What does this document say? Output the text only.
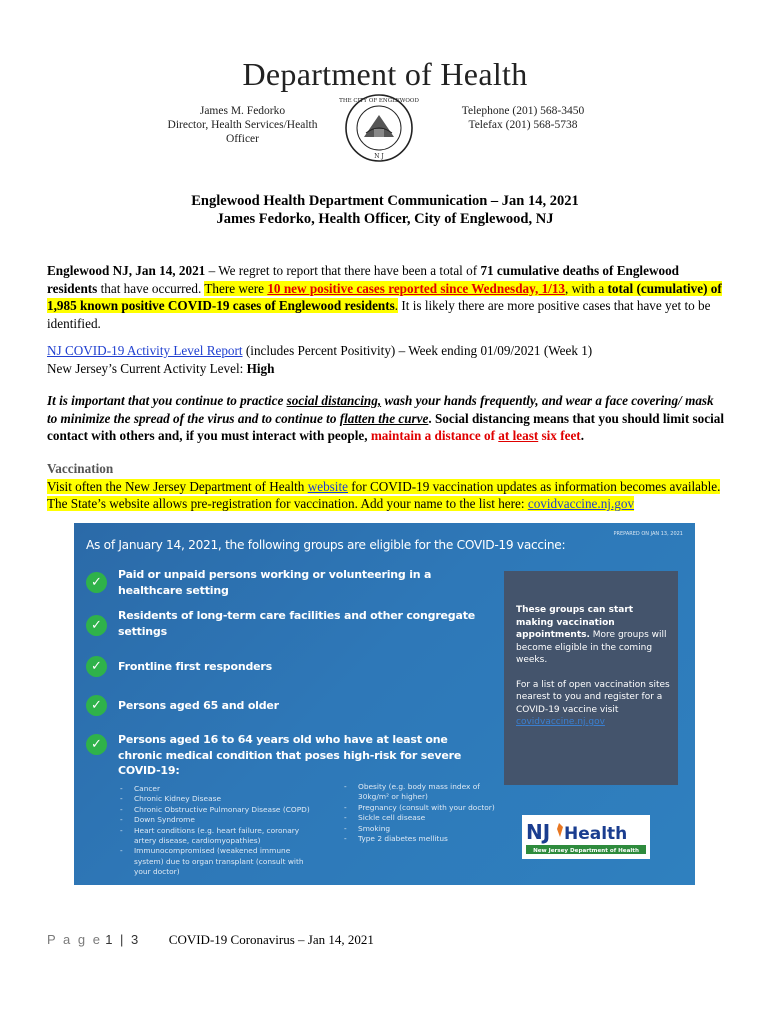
Department of Health
James M. Fedorko
Director, Health Services/Health Officer
THE CITY OF ENGLEWOOD
N J
Telephone (201) 568-3450
Telefax (201) 568-5738
Englewood Health Department Communication – Jan 14, 2021
James Fedorko, Health Officer, City of Englewood, NJ
Englewood NJ, Jan 14, 2021 – We regret to report that there have been a total of 71 cumulative deaths of Englewood residents that have occurred. There were 10 new positive cases reported since Wednesday, 1/13, with a total (cumulative) of 1,985 known positive COVID-19 cases of Englewood residents. It is likely there are more positive cases that have yet to be identified.
NJ COVID-19 Activity Level Report (includes Percent Positivity) – Week ending 01/09/2021 (Week 1)
New Jersey’s Current Activity Level: High
It is important that you continue to practice social distancing, wash your hands frequently, and wear a face covering/ mask to minimize the spread of the virus and to continue to flatten the curve. Social distancing means that you should limit social contact with others and, if you must interact with people, maintain a distance of at least six feet.
Vaccination
Visit often the New Jersey Department of Health website for COVID-19 vaccination updates as information becomes available. The State’s website allows pre-registration for vaccination. Add your name to the list here: covidvaccine.nj.gov
PREPARED ON JAN 13, 2021
As of January 14, 2021, the following groups are eligible for the COVID-19 vaccine:
✓
Paid or unpaid persons working or volunteering in a healthcare setting
✓
Residents of long-term care facilities and other congregate settings
✓	Frontline first responders
✓	Persons aged 65 and older
✓	Persons aged 16 to 64 years old who have at least one chronic medical condition that poses high-risk for severe COVID-19:
- Cancer
- Chronic Kidney Disease
- Chronic Obstructive Pulmonary Disease (COPD)
- Down Syndrome
- Heart conditions (e.g. heart failure, coronary artery disease, cardiomyopathies)
- Immunocompromised (weakened immune system) due to organ transplant (consult with your doctor)
- Obesity (e.g. body mass index of 30kg/m² or higher)
- Pregnancy (consult with your doctor)
- Sickle cell disease
- Smoking
- Type 2 diabetes mellitus
These groups can start making vaccination appointments. More groups will become eligible in the coming weeks.
For a list of open vaccination sites nearest to you and register for a COVID-19 vaccine visit
covidvaccine.nj.gov
NJ Health
New Jersey Department of Health
P a g e 1 | 3 COVID-19 Coronavirus – Jan 14, 2021
